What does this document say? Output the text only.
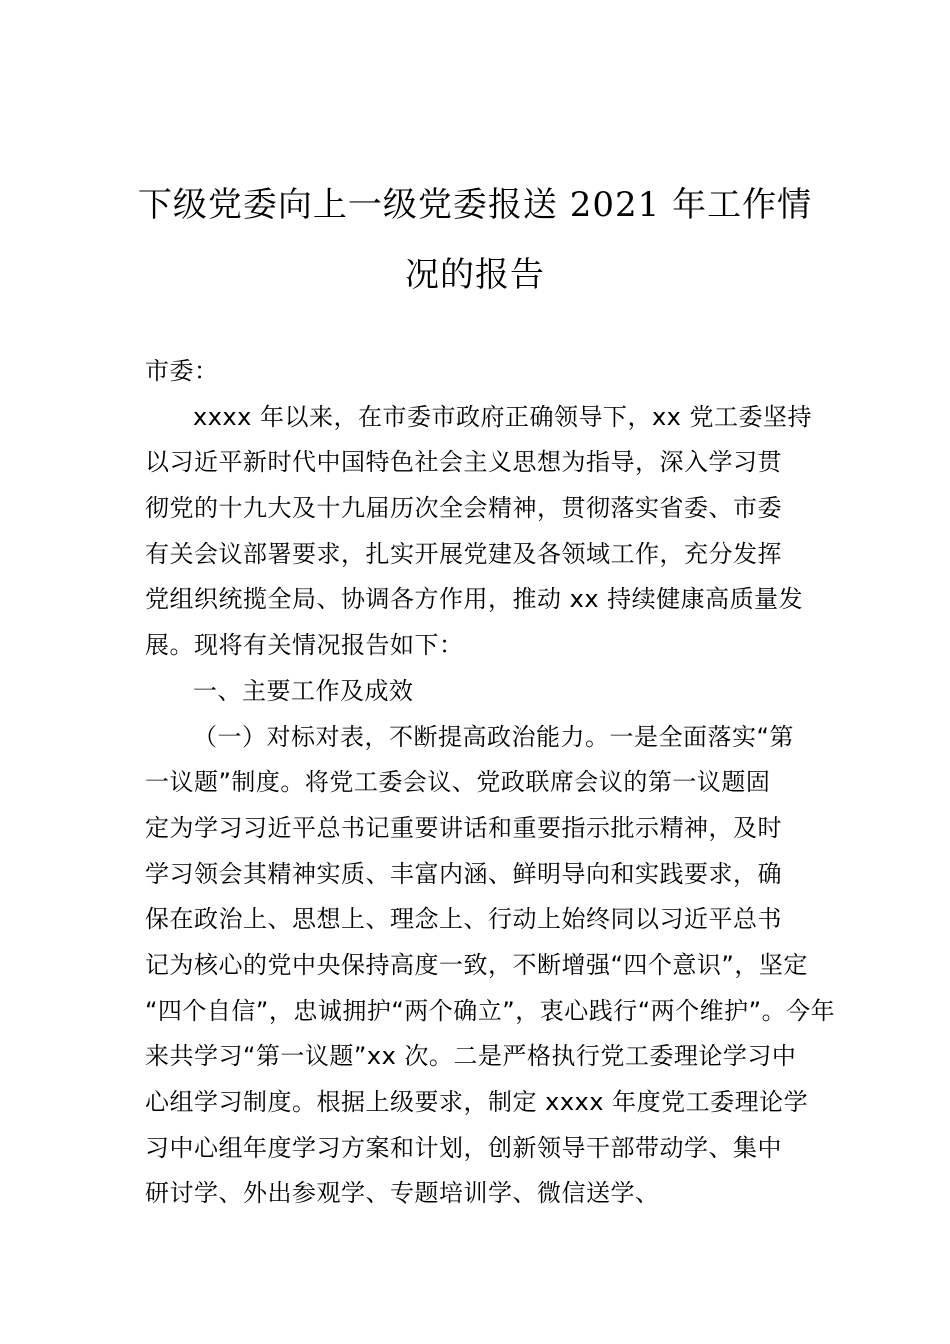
下级党委向上一级党委报送 2021 年工作情
况的报告
市委：
xxxx 年以来，在市委市政府正确领导下，xx 党工委坚持
以习近平新时代中国特色社会主义思想为指导，深入学习贯
彻党的十九大及十九届历次全会精神，贯彻落实省委、市委
有关会议部署要求，扎实开展党建及各领域工作，充分发挥
党组织统揽全局、协调各方作用，推动 xx 持续健康高质量发
展。现将有关情况报告如下：
一、主要工作及成效
（一）对标对表，不断提高政治能力。一是全面落实“第
一议题”制度。将党工委会议、党政联席会议的第一议题固
定为学习习近平总书记重要讲话和重要指示批示精神，及时
学习领会其精神实质、丰富内涵、鲜明导向和实践要求，确
保在政治上、思想上、理念上、行动上始终同以习近平总书
记为核心的党中央保持高度一致，不断增强“四个意识”，坚定
“四个自信”，忠诚拥护“两个确立”，衷心践行“两个维护”。今年
来共学习“第一议题”xx 次。二是严格执行党工委理论学习中
心组学习制度。根据上级要求，制定 xxxx 年度党工委理论学
习中心组年度学习方案和计划，创新领导干部带动学、集中
研讨学、外出参观学、专题培训学、微信送学、
